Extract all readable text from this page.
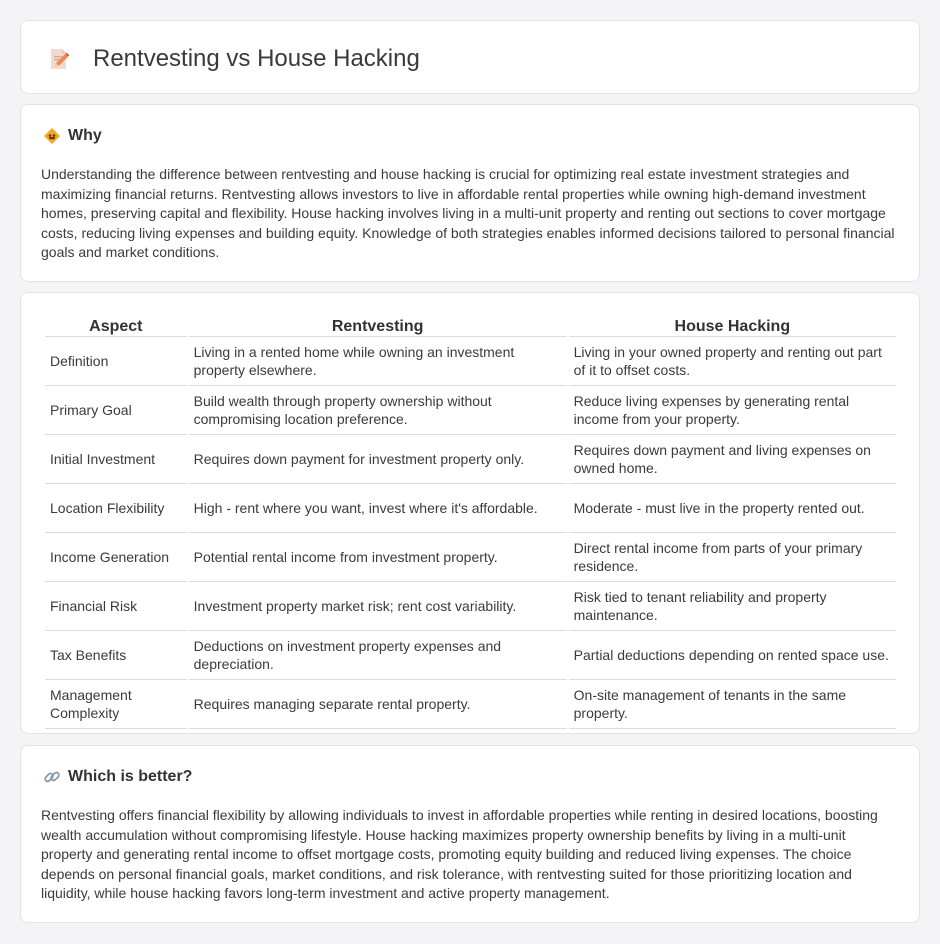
Rentvesting vs House Hacking
Why

Understanding the difference between rentvesting and house hacking is crucial for optimizing real estate investment strategies and maximizing financial returns. Rentvesting allows investors to live in affordable rental properties while owning high-demand investment homes, preserving capital and flexibility. House hacking involves living in a multi-unit property and renting out sections to cover mortgage costs, reducing living expenses and building equity. Knowledge of both strategies enables informed decisions tailored to personal financial goals and market conditions.

Aspect	Rentvesting	House Hacking
Definition	Living in a rented home while owning an investment property elsewhere.	Living in your owned property and renting out part of it to offset costs.
Primary Goal	Build wealth through property ownership without compromising location preference.	Reduce living expenses by generating rental income from your property.
Initial Investment	Requires down payment for investment property only.	Requires down payment and living expenses on owned home.
Location Flexibility	High - rent where you want, invest where it's affordable.	Moderate - must live in the property rented out.
Income Generation	Potential rental income from investment property.	Direct rental income from parts of your primary residence.
Financial Risk	Investment property market risk; rent cost variability.	Risk tied to tenant reliability and property maintenance.
Tax Benefits	Deductions on investment property expenses and depreciation.	Partial deductions depending on rented space use.
Management Complexity	Requires managing separate rental property.	On-site management of tenants in the same property.
Which is better?

Rentvesting offers financial flexibility by allowing individuals to invest in affordable properties while renting in desired locations, boosting wealth accumulation without compromising lifestyle. House hacking maximizes property ownership benefits by living in a multi-unit property and generating rental income to offset mortgage costs, promoting equity building and reduced living expenses. The choice depends on personal financial goals, market conditions, and risk tolerance, with rentvesting suited for those prioritizing location and liquidity, while house hacking favors long-term investment and active property management.
